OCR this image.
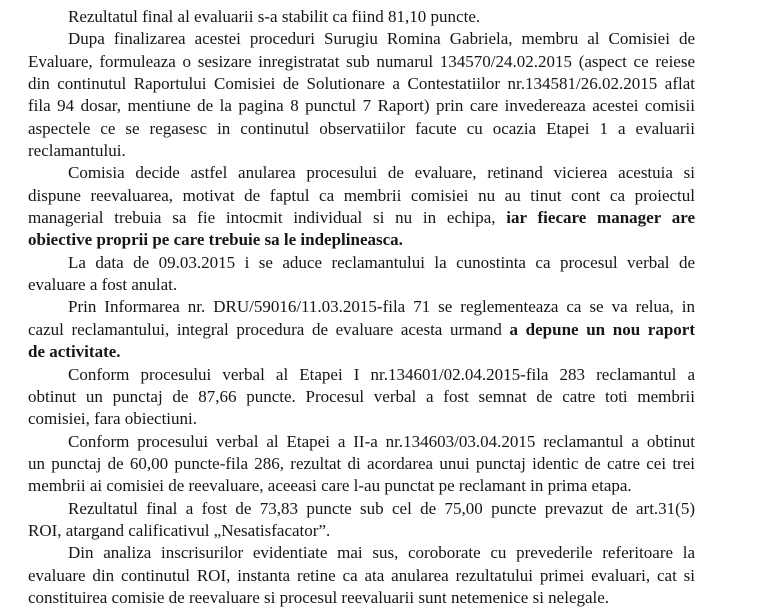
Rezultatul final al evaluarii s-a stabilit ca fiind 81,10 puncte.
Dupa finalizarea acestei proceduri Surugiu Romina Gabriela, membru al Comisiei de
Evaluare, formuleaza o sesizare inregistratat sub numarul 134570/24.02.2015 (aspect ce reiese
din continutul Raportului Comisiei de Solutionare a Contestatiilor nr.134581/26.02.2015 aflat
fila 94 dosar, mentiune de la pagina 8 punctul 7 Raport) prin care invedereaza acestei comisii
aspectele ce se regasesc in continutul observatiilor facute cu ocazia Etapei 1 a evaluarii
reclamantului.
Comisia decide astfel anularea procesului de evaluare, retinand vicierea acestuia si
dispune reevaluarea, motivat de faptul ca membrii comisiei nu au tinut cont ca proiectul
managerial trebuia sa fie intocmit individual si nu in echipa, iar fiecare manager are
obiective proprii pe care trebuie sa le indeplineasca.
La data de 09.03.2015 i se aduce reclamantului la cunostinta ca procesul verbal de
evaluare a fost anulat.
Prin Informarea nr. DRU/59016/11.03.2015-fila 71 se reglementeaza ca se va relua, in
cazul reclamantului, integral procedura de evaluare acesta urmand a depune un nou raport
de activitate.
Conform procesului verbal al Etapei I nr.134601/02.04.2015-fila 283 reclamantul a
obtinut un punctaj de 87,66 puncte. Procesul verbal a fost semnat de catre toti membrii
comisiei, fara obiectiuni.
Conform procesului verbal al Etapei a II-a nr.134603/03.04.2015 reclamantul a obtinut
un punctaj de 60,00 puncte-fila 286, rezultat di acordarea unui punctaj identic de catre cei trei
membrii ai comisiei de reevaluare, aceeasi care l-au punctat pe reclamant in prima etapa.
Rezultatul final a fost de 73,83 puncte sub cel de 75,00 puncte prevazut de art.31(5)
ROI, atargand calificativul „Nesatisfacator”.
Din analiza inscrisurilor evidentiate mai sus, coroborate cu prevederile referitoare la
evaluare din continutul ROI, instanta retine ca ata anularea rezultatului primei evaluari, cat si
constituirea comisie de reevaluare si procesul reevaluarii sunt netemenice si nelegale.
